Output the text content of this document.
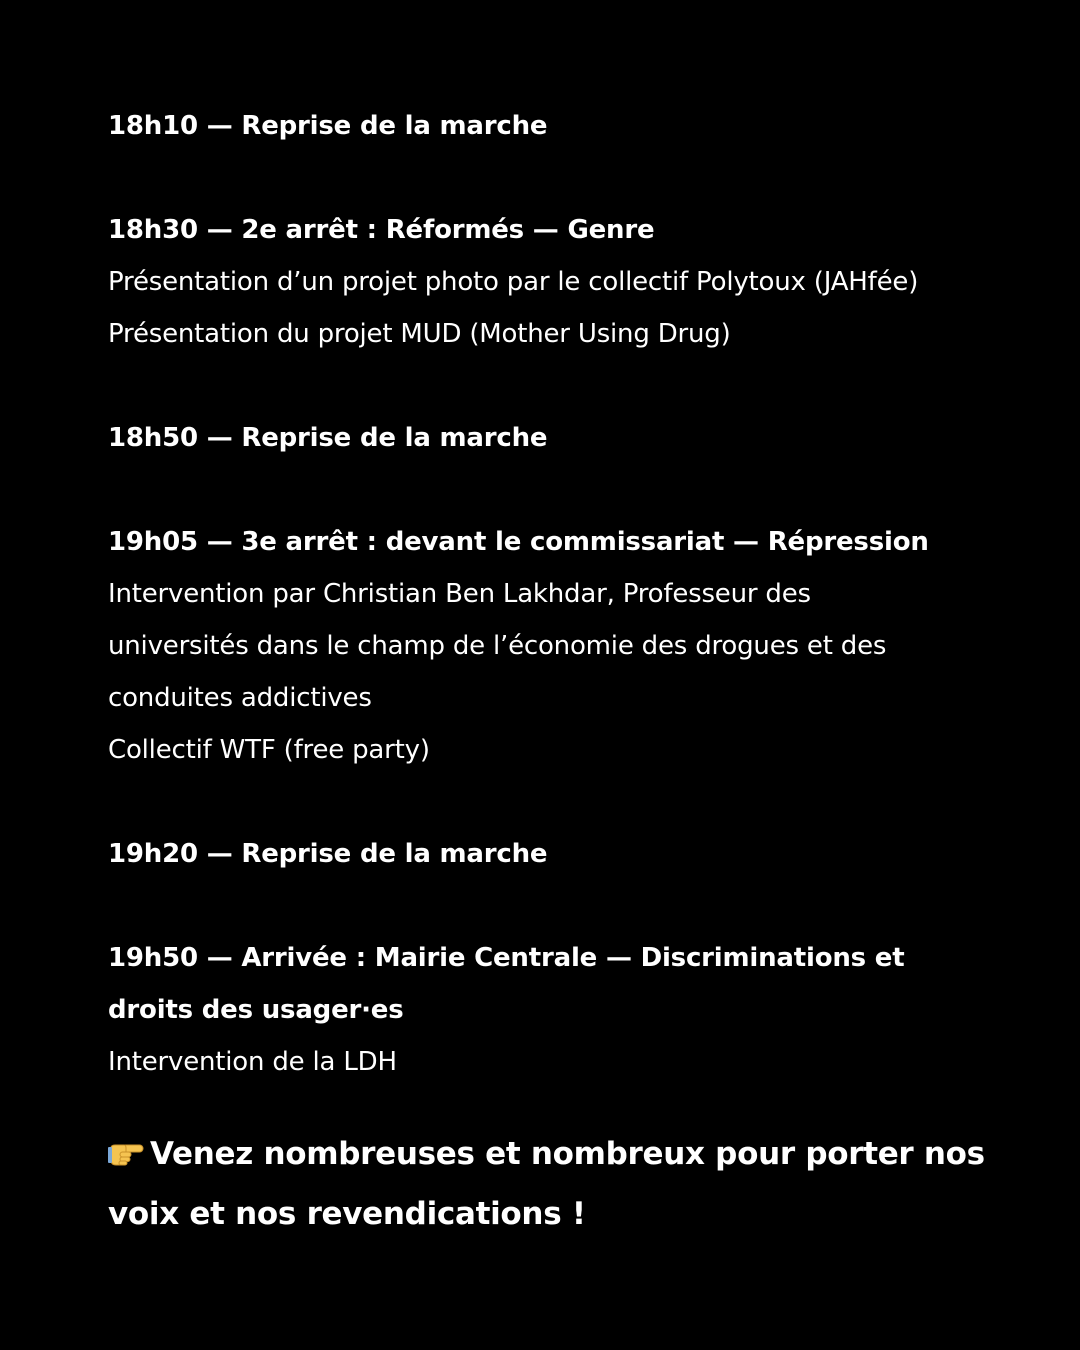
18h10 — Reprise de la marche
18h30 — 2e arrêt : Réformés — Genre
Présentation d’un projet photo par le collectif Polytoux (JAHfée)
Présentation du projet MUD (Mother Using Drug)
18h50 — Reprise de la marche
19h05 — 3e arrêt : devant le commissariat — Répression
Intervention par Christian Ben Lakhdar, Professeur des
universités dans le champ de l’économie des drogues et des
conduites addictives
Collectif WTF (free party)
19h20 — Reprise de la marche
19h50 — Arrivée : Mairie Centrale — Discriminations et
droits des usager·es
Intervention de la LDH
Venez nombreuses et nombreux pour porter nos
voix et nos revendications !
